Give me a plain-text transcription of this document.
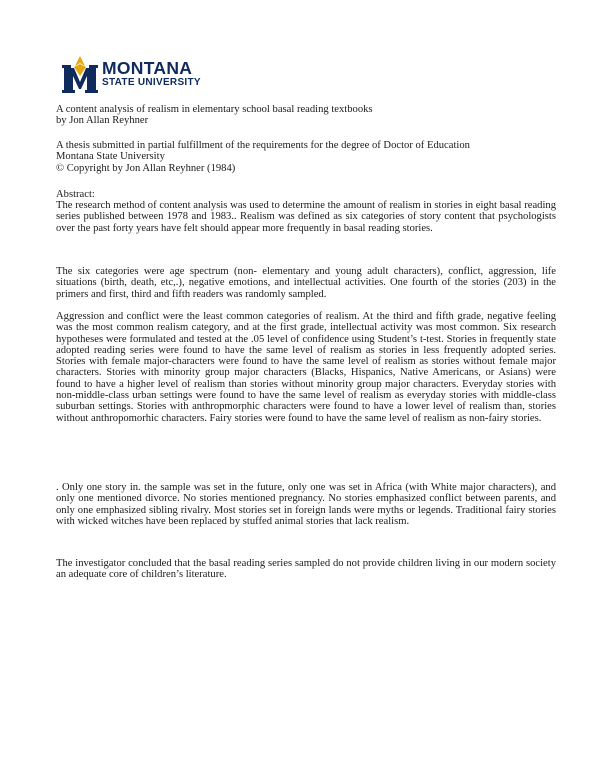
MONTANA
STATE UNIVERSITY
A content analysis of realism in elementary school basal reading textbooks
by Jon Allan Reyhner
A thesis submitted in partial fulfillment of the requirements for the degree of Doctor of Education
Montana State University
© Copyright by Jon Allan Reyhner (1984)
Abstract:
The research method of content analysis was used to determine the amount of realism in stories in eight basal reading series published between 1978 and 1983.. Realism was defined as six categories of story content that psychologists over the past forty years have felt should appear more frequently in basal reading stories.
The six categories were age spectrum (non- elementary and young adult characters), conflict, aggression, life situations (birth, death, etc,.), negative emotions, and intellectual activities. One fourth of the stories (203) in the primers and first, third and fifth readers was randomly sampled.
Aggression and conflict were the least common categories of realism. At the third and fifth grade, negative feeling was the most common realism category, and at the first grade, intellectual activity was most common. Six research hypotheses were formulated and tested at the .05 level of confidence using Student’s t-test. Stories in frequently state adopted reading series were found to have the same level of realism as stories in less frequently adopted series. Stories with female major-characters were found to have the same level of realism as stories without female major characters. Stories with minority group major characters (Blacks, Hispanics, Native Americans, or Asians) were found to have a higher level of realism than stories without minority group major characters. Everyday stories with non-middle-class urban settings were found to have the same level of realism as everyday stories with middle-class suburban settings. Stories with anthropmorphic characters were found to have a lower level of realism than, stories without anthropomorhic characters. Fairy stories were found to have the same level of realism as non-fairy stories.
. Only one story in. the sample was set in the future, only one was set in Africa (with White major characters), and only one mentioned divorce. No stories mentioned pregnancy. No stories emphasized conflict between parents, and only one emphasized sibling rivalry. Most stories set in foreign lands were myths or legends. Traditional fairy stories with wicked witches have been replaced by stuffed animal stories that lack realism.
The investigator concluded that the basal reading series sampled do not provide children living in our modern society an adequate core of children’s literature.
